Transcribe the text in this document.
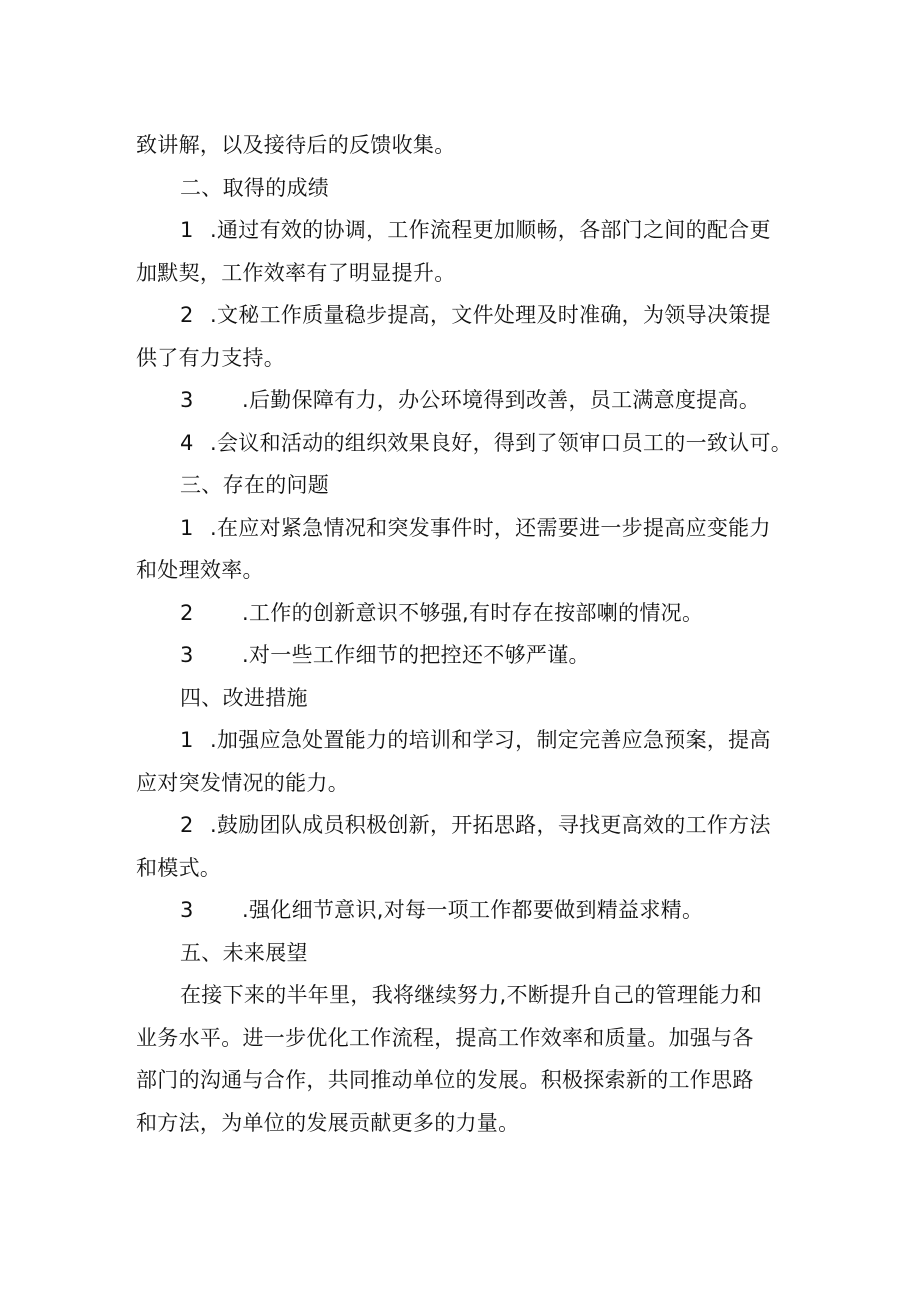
致讲解，以及接待后的反馈收集。
二、取得的成绩
1 .通过有效的协调，工作流程更加顺畅，各部门之间的配合更
加默契，工作效率有了明显提升。
2 .文秘工作质量稳步提高，文件处理及时准确，为领导决策提
供了有力支持。
3 .后勤保障有力，办公环境得到改善，员工满意度提高。
4 .会议和活动的组织效果良好，得到了领审口员工的一致认可。
三、存在的问题
1 .在应对紧急情况和突发事件时，还需要进一步提高应变能力
和处理效率。
2 .工作的创新意识不够强,有时存在按部喇的情况。
3 .对一些工作细节的把控还不够严谨。
四、改进措施
1 .加强应急处置能力的培训和学习，制定完善应急预案，提高
应对突发情况的能力。
2 .鼓励团队成员积极创新，开拓思路，寻找更高效的工作方法
和模式。
3 .强化细节意识,对每一项工作都要做到精益求精。
五、未来展望
在接下来的半年里，我将继续努力,不断提升自己的管理能力和
业务水平。进一步优化工作流程，提高工作效率和质量。加强与各
部门的沟通与合作，共同推动单位的发展。积极探索新的工作思路
和方法，为单位的发展贡献更多的力量。
